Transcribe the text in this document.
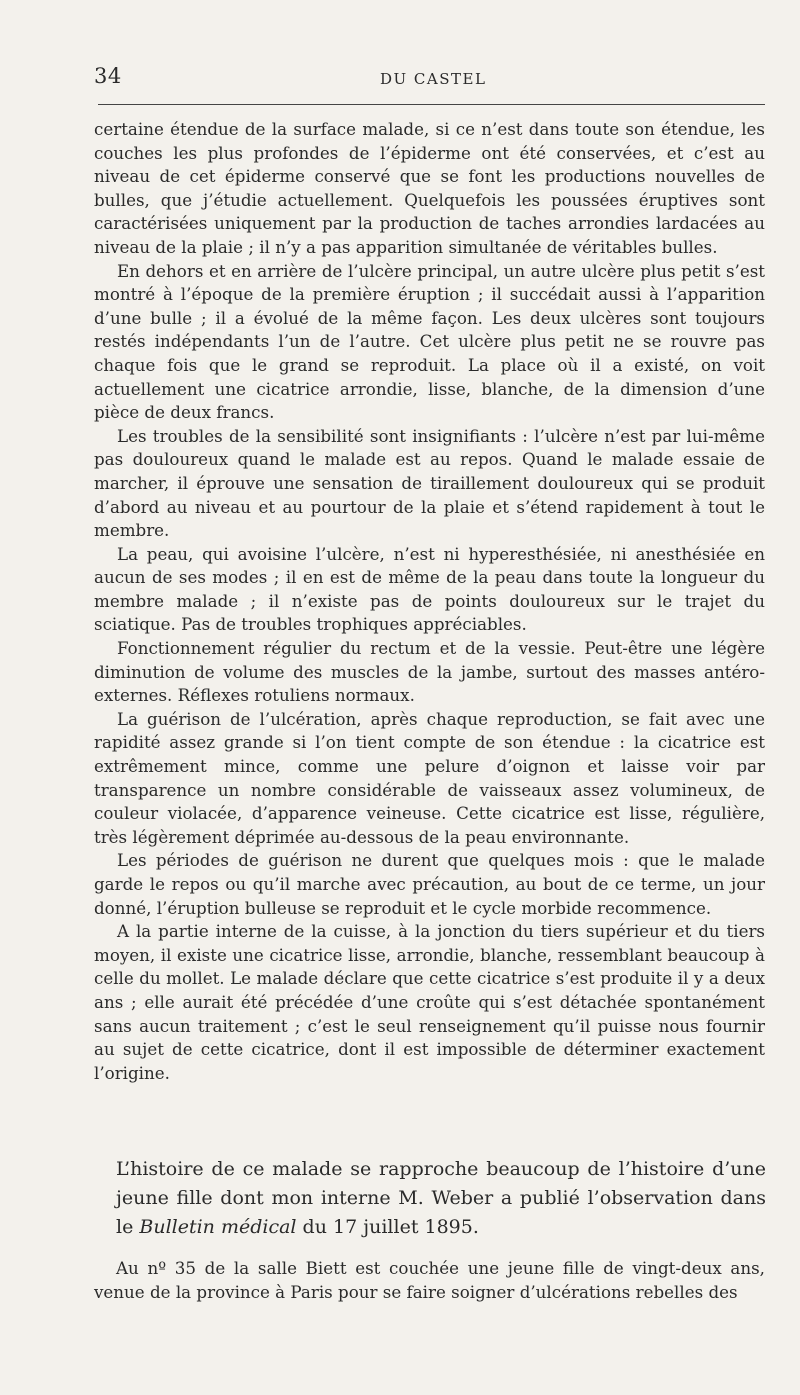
34	DU CASTEL

certaine étendue de la surface malade, si ce n’est dans toute son étendue, les couches les plus profondes de l’épiderme ont été conservées, et c’est au niveau de cet épiderme conservé que se font les productions nouvelles de bulles, que j’étudie actuellement. Quelquefois les poussées éruptives sont caractérisées uniquement par la production de taches arrondies lardacées au niveau de la plaie ; il n’y a pas apparition simultanée de véritables bulles.

En dehors et en arrière de l’ulcère principal, un autre ulcère plus petit s’est montré à l’époque de la première éruption ; il succédait aussi à l’apparition d’une bulle ; il a évolué de la même façon. Les deux ulcères sont toujours restés indépendants l’un de l’autre. Cet ulcère plus petit ne se rouvre pas chaque fois que le grand se reproduit. La place où il a existé, on voit actuellement une cicatrice arrondie, lisse, blanche, de la dimension d’une pièce de deux francs.

Les troubles de la sensibilité sont insignifiants : l’ulcère n’est par lui-même pas douloureux quand le malade est au repos. Quand le malade essaie de marcher, il éprouve une sensation de tiraillement douloureux qui se produit d’abord au niveau et au pourtour de la plaie et s’étend rapidement à tout le membre.

La peau, qui avoisine l’ulcère, n’est ni hyperesthésiée, ni anesthésiée en aucun de ses modes ; il en est de même de la peau dans toute la longueur du membre malade ; il n’existe pas de points douloureux sur le trajet du sciatique. Pas de troubles trophiques appréciables.

Fonctionnement régulier du rectum et de la vessie. Peut-être une légère diminution de volume des muscles de la jambe, surtout des masses antéro-externes. Réflexes rotuliens normaux.

La guérison de l’ulcération, après chaque reproduction, se fait avec une rapidité assez grande si l’on tient compte de son étendue : la cicatrice est extrêmement mince, comme une pelure d’oignon et laisse voir par transparence un nombre considérable de vaisseaux assez volumineux, de couleur violacée, d’apparence veineuse. Cette cicatrice est lisse, régulière, très légèrement déprimée au-dessous de la peau environnante.

Les périodes de guérison ne durent que quelques mois : que le malade garde le repos ou qu’il marche avec précaution, au bout de ce terme, un jour donné, l’éruption bulleuse se reproduit et le cycle morbide recommence.

A la partie interne de la cuisse, à la jonction du tiers supérieur et du tiers moyen, il existe une cicatrice lisse, arrondie, blanche, ressemblant beaucoup à celle du mollet. Le malade déclare que cette cicatrice s’est produite il y a deux ans ; elle aurait été précédée d’une croûte qui s’est détachée spontanément sans aucun traitement ; c’est le seul renseignement qu’il puisse nous fournir au sujet de cette cicatrice, dont il est impossible de déterminer exactement l’origine.

L’histoire de ce malade se rapproche beaucoup de l’histoire d’une jeune fille dont mon interne M. Weber a publié l’observation dans le Bulletin médical du 17 juillet 1895.

Au nº 35 de la salle Biett est couchée une jeune fille de vingt-deux ans, venue de la province à Paris pour se faire soigner d’ulcérations rebelles des
